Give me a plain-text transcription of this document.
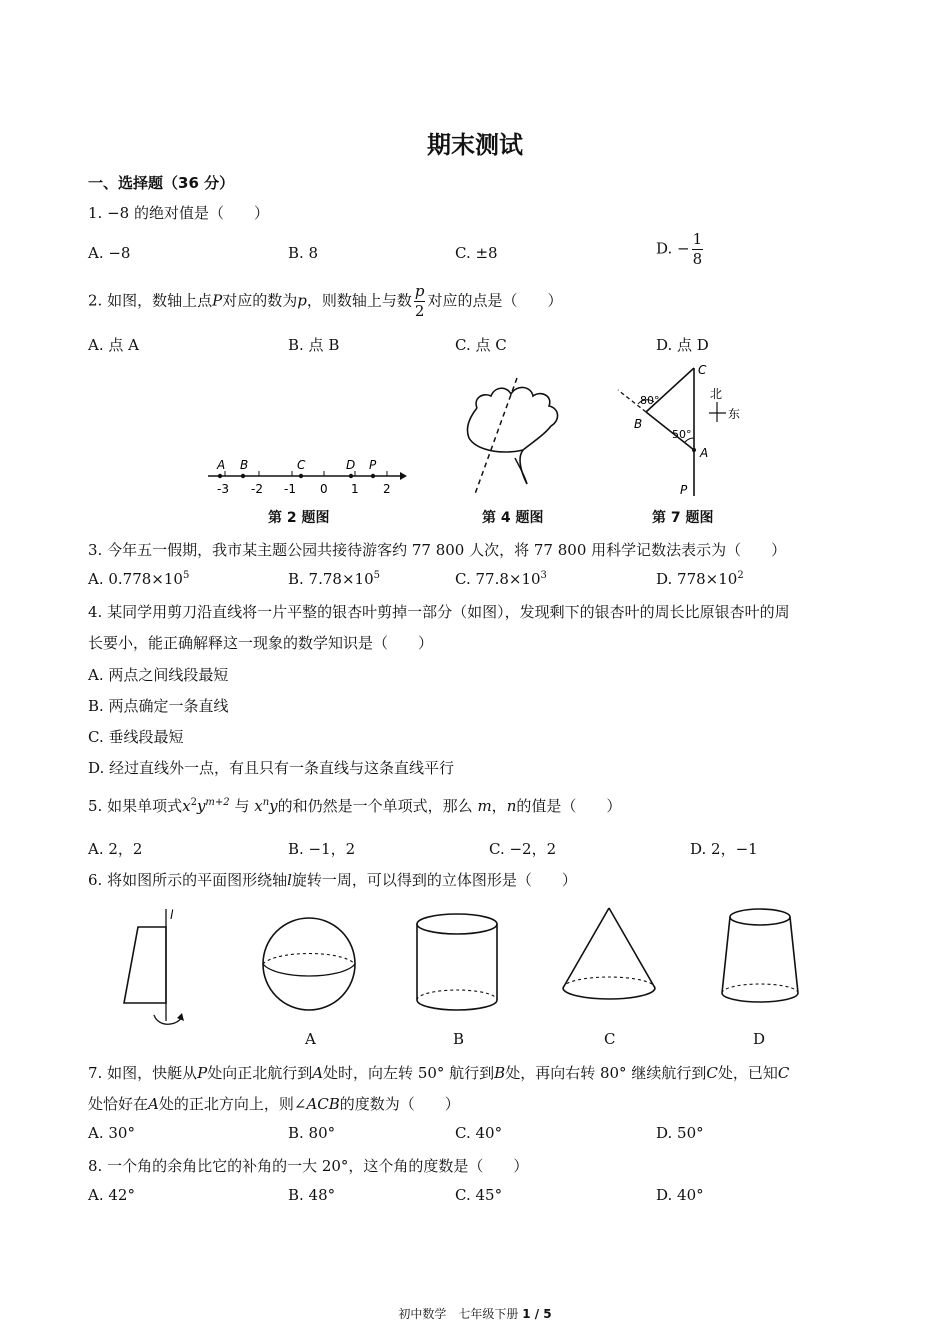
期末测试
一、选择题（36 分）
1. −8 的绝对值是（　　）
A. −8	B. 8	C. ±8	D. − $\frac{1}{8}$
2. 如图，数轴上点P对应的数为p，则数轴上与数 $\frac{p}{2}$ 对应的点是（　　）
A. 点 A	B. 点 B	C. 点 C	D. 点 D
A B	C	D P
-3 -2 -1 0 1 2
第 2 题图	第 4 题图
80°
50°
B
C
A
P
北
东
第 7 题图
3. 今年五一假期，我市某主题公园共接待游客约 77 800 人次，将 77 800 用科学记数法表示为（　　）
A. $0.778\times 10^5$	B. $7.78\times 10^5$	C. $77.8\times 10^3$	D. $778\times 10^2$
4. 某同学用剪刀沿直线将一片平整的银杏叶剪掉一部分（如图），发现剩下的银杏叶的周长比原银杏叶的周
长要小，能正确解释这一现象的数学知识是（　　）
A. 两点之间线段最短
B. 两点确定一条直线
C. 垂线段最短
D. 经过直线外一点，有且只有一条直线与这条直线平行
5. 如果单项式$x^2y^{m+2}$ 与 $x^ny$的和仍然是一个单项式，那么 m，n的值是（　　）
A. 2，2	B. −1，2	C. −2，2	D. 2，−1
6. 将如图所示的平面图形绕轴l旋转一周，可以得到的立体图形是（　　）
l
A	B	C	D
7. 如图，快艇从P处向正北航行到A处时，向左转 50° 航行到B处，再向右转 80° 继续航行到C处，已知C
处恰好在A处的正北方向上，则∠ACB的度数为（　　）
A. 30°	B. 80°	C. 40°	D. 50°
8. 一个角的余角比它的补角的一大 20°，这个角的度数是（　　）
A. 42°	B. 48°	C. 45°	D. 40°
初中数学　七年级下册 1 / 5
